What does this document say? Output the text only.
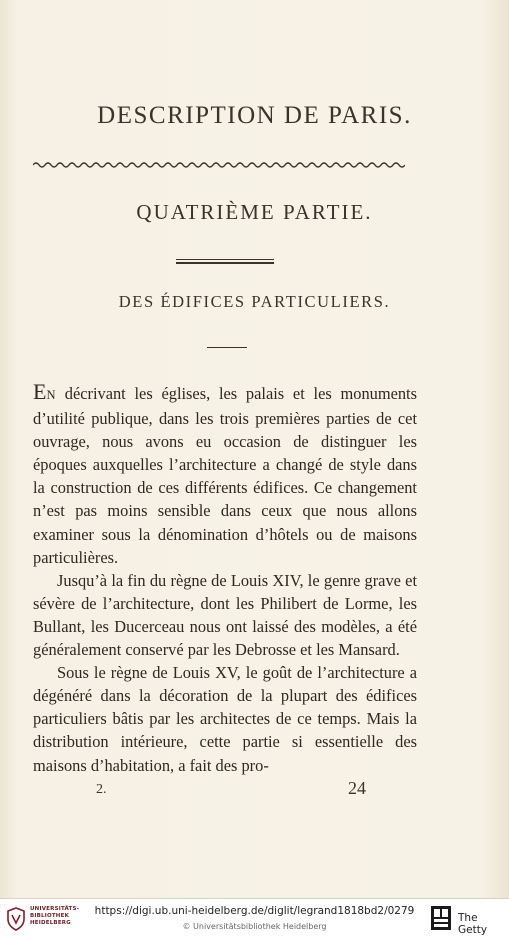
DESCRIPTION DE PARIS.
QUATRIÈME PARTIE.
DES ÉDIFICES PARTICULIERS.

EN décrivant les églises, les palais et les monuments d’utilité publique, dans les trois premières parties de cet ouvrage, nous avons eu occasion de distinguer les époques auxquelles l’architecture a changé de style dans la construction de ces différents édifices. Ce changement n’est pas moins sensible dans ceux que nous allons examiner sous la dénomination d’hôtels ou de maisons particulières.

Jusqu’à la fin du règne de Louis XIV, le genre grave et sévère de l’architecture, dont les Philibert de Lorme, les Bullant, les Ducerceau nous ont laissé des modèles, a été généralement conservé par les Debrosse et les Mansard.

Sous le règne de Louis XV, le goût de l’architecture a dégénéré dans la décoration de la plupart des édifices particuliers bâtis par les architectes de ce temps. Mais la distribution intérieure, cette partie si essentielle des maisons d’habitation, a fait des pro-

2.	24
UNIVERSITÄTS-
BIBLIOTHEK
HEIDELBERG
https://digi.ub.uni-heidelberg.de/diglit/legrand1818bd2/0279
© Universitätsbibliothek Heidelberg
The Getty
